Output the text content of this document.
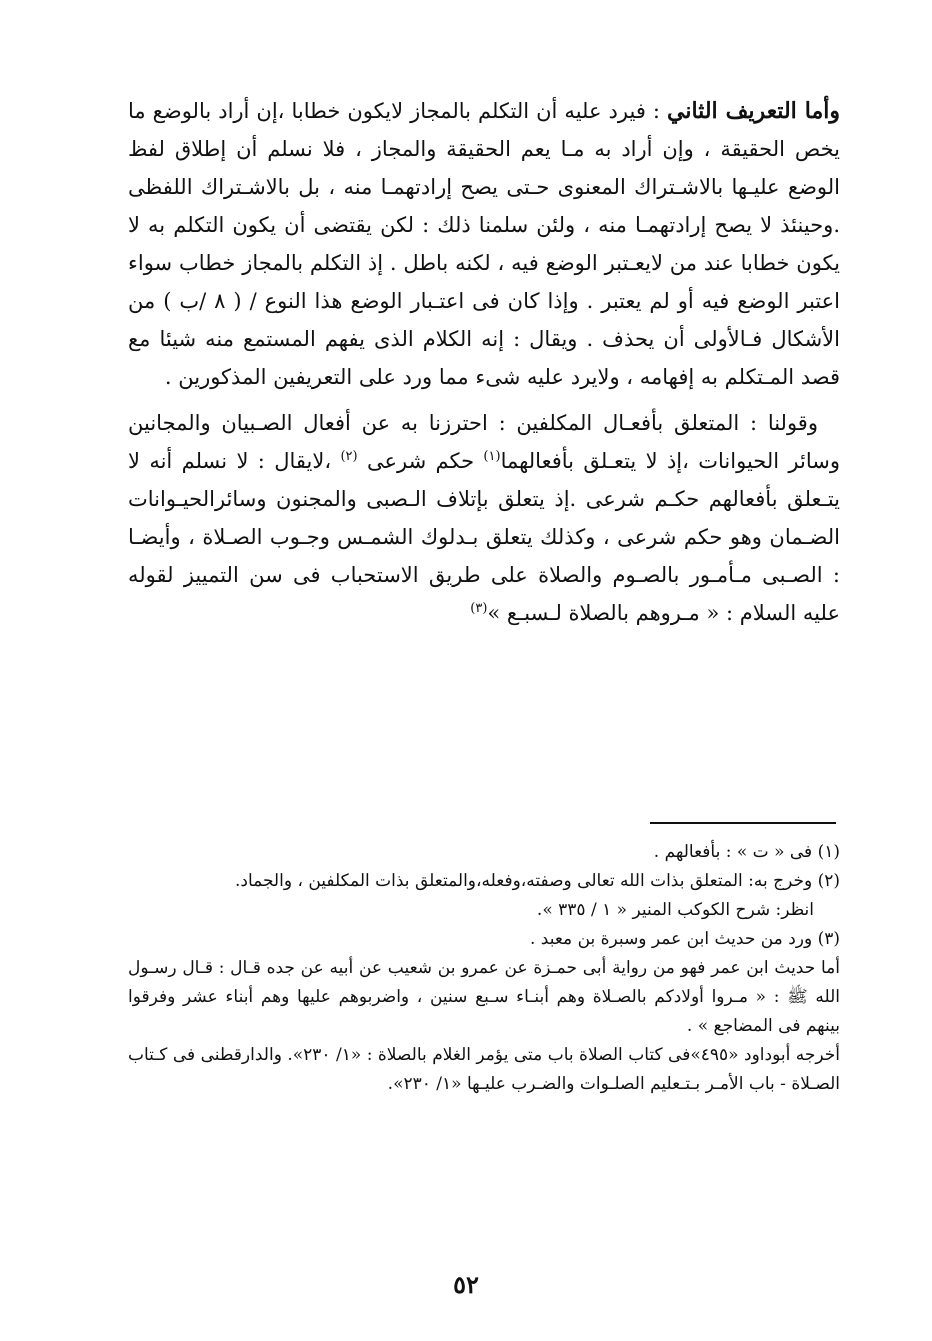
وأما التعريف الثاني : فيرد عليه أن التكلم بالمجاز لايكون خطابا ،إن أراد بالوضع ما يخص الحقيقة ، وإن أراد به مـا يعم الحقيقة والمجاز ، فلا نسلم أن إطلاق لفظ الوضع عليـها بالاشـتراك المعنوى حـتى يصح إرادتهمـا منه ، بل بالاشـتراك اللفظى .وحينئذ لا يصح إرادتهمـا منه ، ولئن سلمنا ذلك : لكن يقتضى أن يكون التكلم به لا يكون خطابا عند من لايعـتبر الوضع فيه ، لكنه باطل . إذ التكلم بالمجاز خطاب سواء اعتبر الوضع فيه أو لم يعتبر . وإذا كان فى اعتـبار الوضع هذا النوع / ( ٨ /ب ) من الأشكال فـالأولى أن يحذف . ويقال : إنه الكلام الذى يفهم المستمع منه شيئا مع قصد المـتكلم به إفهامه ، ولايرد عليه شىء مما ورد على التعريفين المذكورين .

وقولنا : المتعلق بأفعـال المكلفين : احترزنا به عن أفعال الصـبيان والمجانين وسائر الحيوانات ،إذ لا يتعـلق بأفعالهما$^{(١)}$ حكم شرعى $^{(٢)}$ ،لايقال : لا نسلم أنه لا يتـعلق بأفعالهم حكـم شرعى .إذ يتعلق بإتلاف الـصبى والمجنون وسائرالحيـوانات الضـمان وهو حكم شرعى ، وكذلك يتعلق بـدلوك الشمـس وجـوب الصـلاة ، وأيضـا : الصـبى مـأمـور بالصـوم والصلاة على طريق الاستحباب فى سن التمييز لقوله عليه السلام : « مـروهم بالصلاة لـسبـع »$^{(٣)}$

(١) فى « ت » : بأفعالهم .

(٢) وخرج به: المتعلق بذات الله تعالى وصفته،وفعله،والمتعلق بذات المكلفين ، والجماد.

انظر: شرح الكوكب المنير « ١ / ٣٣٥ ».

(٣) ورد من حديث ابن عمر وسبرة بن معبد .

أما حديث ابن عمر فهو من رواية أبى حمـزة عن عمرو بن شعيب عن أبيه عن جده قـال : قـال رسـول الله ﷺ : « مـروا أولادكم بالصـلاة وهم أبنـاء سـبع سنين ، واضربوهم عليها وهم أبناء عشر وفرقوا بينهم فى المضاجع » .

أخرجه أبوداود «٤٩٥»فى كتاب الصلاة باب متى يؤمر الغلام بالصلاة : «١/ ٢٣٠». والدارقطنى فى كـتاب الصـلاة - باب الأمـر بـتـعليم الصلـوات والضـرب عليـها «١/ ٢٣٠».

٥٢
